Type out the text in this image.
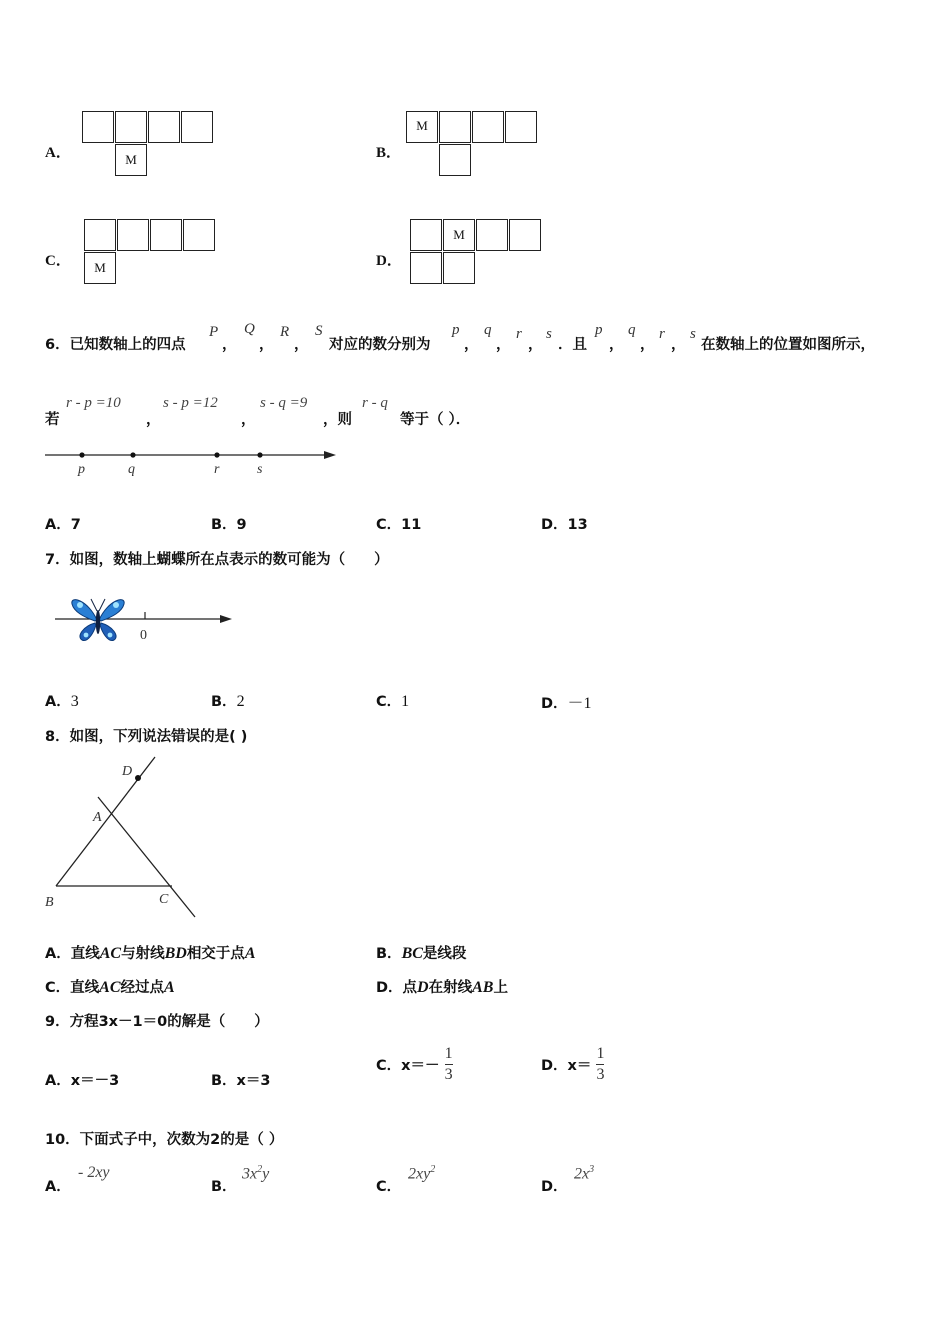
A．	M	B．
M
C．	M	D．
M
6．已知数轴上的四点
P
，
Q
，
R
，
S
对应的数分别为
p
，
q
，
r
，
s
．且
p
，
q
，
r
，
s
在数轴上的位置如图所示，
若
r - p =10
，
s - p =12
，
s - q =9
，则
r - q
等于（ ）．
p	q	r	s
A．7	B．9	C．11	D．13
7．如图，数轴上蝴蝶所在点表示的数可能为（　　）
0
A．3	B．2	C．1	D．－1
8．如图，下列说法错误的是( )
D
A
B	C
A．直线AC与射线BD相交于点A	B．BC是线段
C．直线AC经过点A	D．点D在射线AB上
9．方程3x－1＝0的解是（　　）
A．x＝－3	B．x＝3
C．$x=- \frac{1}{3}$	D．$x= \frac{1}{3}$
10．下面式子中，次数为2的是（ ）
A．
- 2xy
B．
$3x^2y$
C．
$2xy^2$
D．
$2x^3$
